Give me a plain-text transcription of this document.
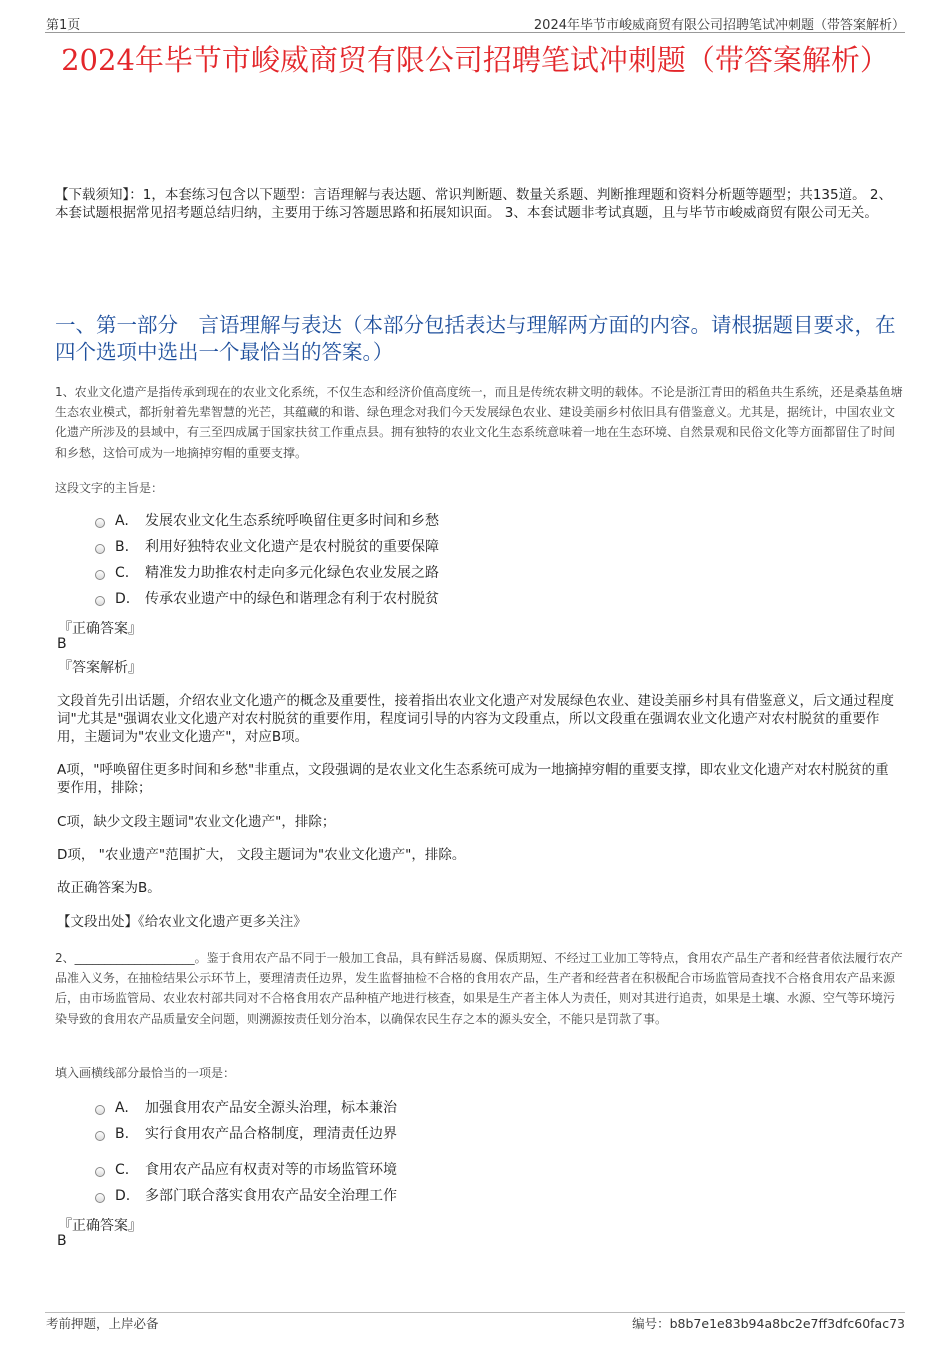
第1页	2024年毕节市峻威商贸有限公司招聘笔试冲刺题（带答案解析）
2024年毕节市峻威商贸有限公司招聘笔试冲刺题（带答案解析）
【下载须知】：1，本套练习包含以下题型：言语理解与表达题、常识判断题、数量关系题、判断推理题和资料分析题等题型；共135道。 2、本套试题根据常见招考题总结归纳，主要用于练习答题思路和拓展知识面。 3、本套试题非考试真题，且与毕节市峻威商贸有限公司无关。
一、第一部分　言语理解与表达（本部分包括表达与理解两方面的内容。请根据题目要求，在四个选项中选出一个最恰当的答案。）
1、农业文化遗产是指传承到现在的农业文化系统，不仅生态和经济价值高度统一，而且是传统农耕文明的载体。不论是浙江青田的稻鱼共生系统，还是桑基鱼塘生态农业模式，都折射着先辈智慧的光芒，其蕴藏的和谐、绿色理念对我们今天发展绿色农业、建设美丽乡村依旧具有借鉴意义。尤其是，据统计，中国农业文化遗产所涉及的县域中，有三至四成属于国家扶贫工作重点县。拥有独特的农业文化生态系统意味着一地在生态环境、自然景观和民俗文化等方面都留住了时间和乡愁，这恰可成为一地摘掉穷帽的重要支撑。
这段文字的主旨是：
A.	发展农业文化生态系统呼唤留住更多时间和乡愁
B.	利用好独特农业文化遗产是农村脱贫的重要保障
C.	精准发力助推农村走向多元化绿色农业发展之路
D.	传承农业遗产中的绿色和谐理念有利于农村脱贫
『正确答案』
B
『答案解析』
文段首先引出话题，介绍农业文化遗产的概念及重要性，接着指出农业文化遗产对发展绿色农业、建设美丽乡村具有借鉴意义，后文通过程度词"尤其是"强调农业文化遗产对农村脱贫的重要作用，程度词引导的内容为文段重点，所以文段重在强调农业文化遗产对农村脱贫的重要作用，主题词为"农业文化遗产"，对应B项。
A项，"呼唤留住更多时间和乡愁"非重点，文段强调的是农业文化生态系统可成为一地摘掉穷帽的重要支撑，即农业文化遗产对农村脱贫的重要作用，排除；
C项，缺少文段主题词"农业文化遗产"，排除；
D项， "农业遗产"范围扩大， 文段主题词为"农业文化遗产"，排除。
故正确答案为B。
【文段出处】《给农业文化遗产更多关注》
2、____________________。鉴于食用农产品不同于一般加工食品，具有鲜活易腐、保质期短、不经过工业加工等特点，食用农产品生产者和经营者依法履行农产品准入义务，在抽检结果公示环节上，要理清责任边界，发生监督抽检不合格的食用农产品，生产者和经营者在积极配合市场监管局查找不合格食用农产品来源后，由市场监管局、农业农村部共同对不合格食用农产品种植产地进行核查，如果是生产者主体人为责任，则对其进行追责，如果是土壤、水源、空气等环境污染导致的食用农产品质量安全问题，则溯源按责任划分治本，以确保农民生存之本的源头安全，不能只是罚款了事。
填入画横线部分最恰当的一项是：
A.	加强食用农产品安全源头治理，标本兼治
B.	实行食用农产品合格制度，理清责任边界
C.	食用农产品应有权责对等的市场监管环境
D.	多部门联合落实食用农产品安全治理工作
『正确答案』
B
考前押题，上岸必备	编号：b8b7e1e83b94a8bc2e7ff3dfc60fac73
